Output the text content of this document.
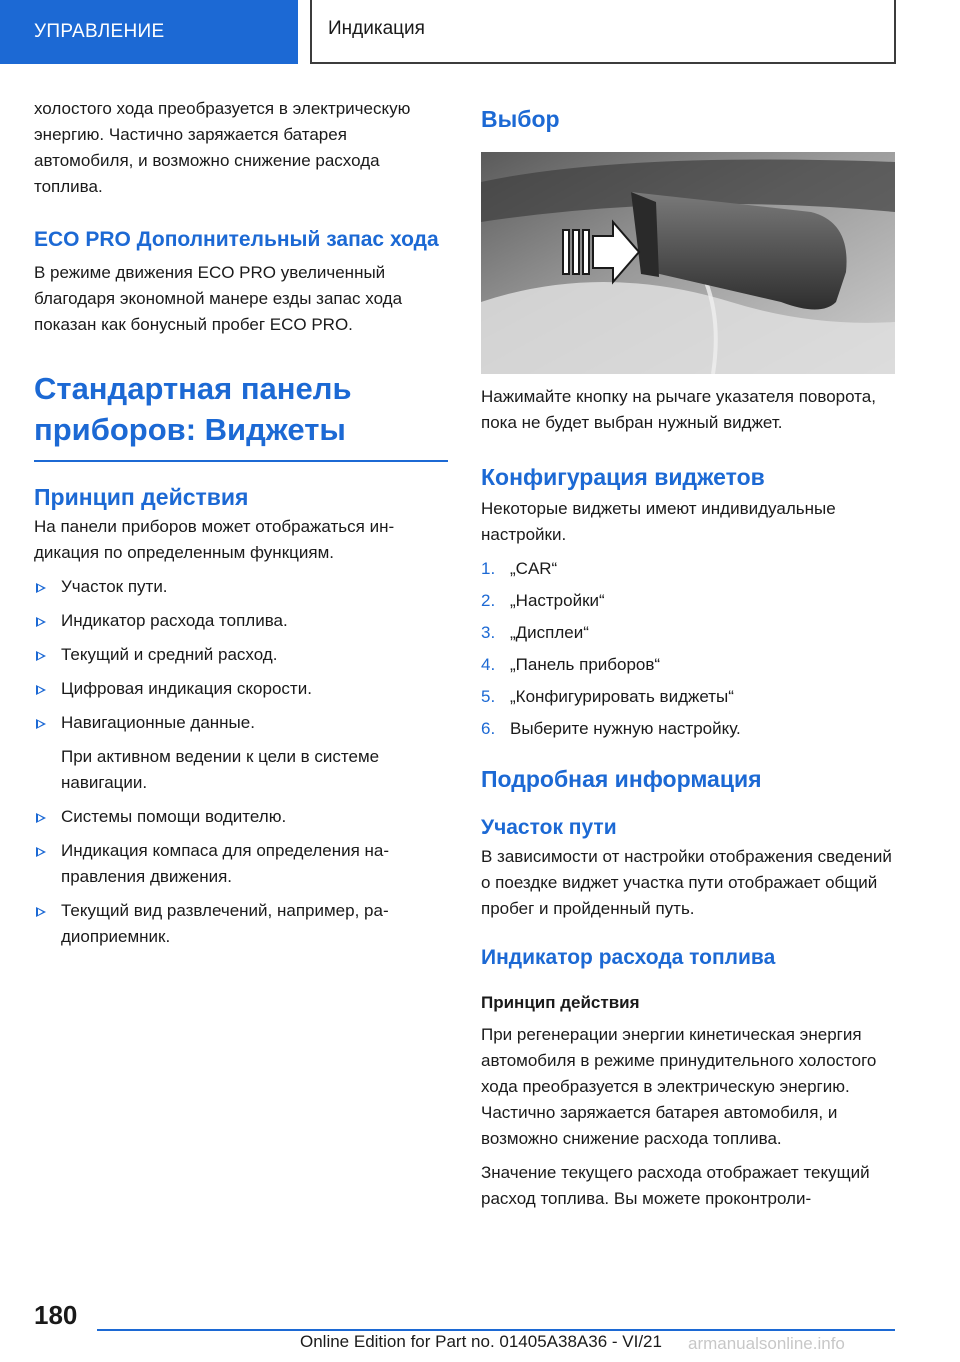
УПРАВЛЕНИЕ	Индикация

холостого хода преобразуется в электрическую энергию. Частично заряжается батарея автомобиля, и возможно снижение расхода топлива.

ECO PRO Дополнительный запас хода

В режиме движения ECO PRO увеличенный благодаря экономной манере езды запас хода показан как бонусный пробег ECO PRO.

Стандартная панель приборов: Виджеты
Принцип действия

На панели приборов может отображаться индикация по определенным функциям.

Участок пути.
Индикатор расхода топлива.
Текущий и средний расход.
Цифровая индикация скорости.
Навигационные данные.
При активном ведении к цели в системе навигации.
Системы помощи водителю.
Индикация компаса для определения направления движения.
Текущий вид развлечений, например, радиоприемник.
Выбор

Нажимайте кнопку на рычаге указателя поворота, пока не будет выбран нужный виджет.

Конфигурация виджетов

Некоторые виджеты имеют индивидуальные настройки.

1. „CAR“
2. „Настройки“
3. „Дисплеи“
4. „Панель приборов“
5. „Конфигурировать виджеты“
6. Выберите нужную настройку.
Подробная информация
Участок пути

В зависимости от настройки отображения сведений о поездке виджет участка пути отображает общий пробег и пройденный путь.

Индикатор расхода топлива
Принцип действия

При регенерации энергии кинетическая энергия автомобиля в режиме принудительного холостого хода преобразуется в электрическую энергию. Частично заряжается батарея автомобиля, и возможно снижение расхода топлива.

Значение текущего расхода отображает текущий расход топлива. Вы можете проконтроли-

180
Online Edition for Part no. 01405A38A36 - VI/21 armanualsonline.info
